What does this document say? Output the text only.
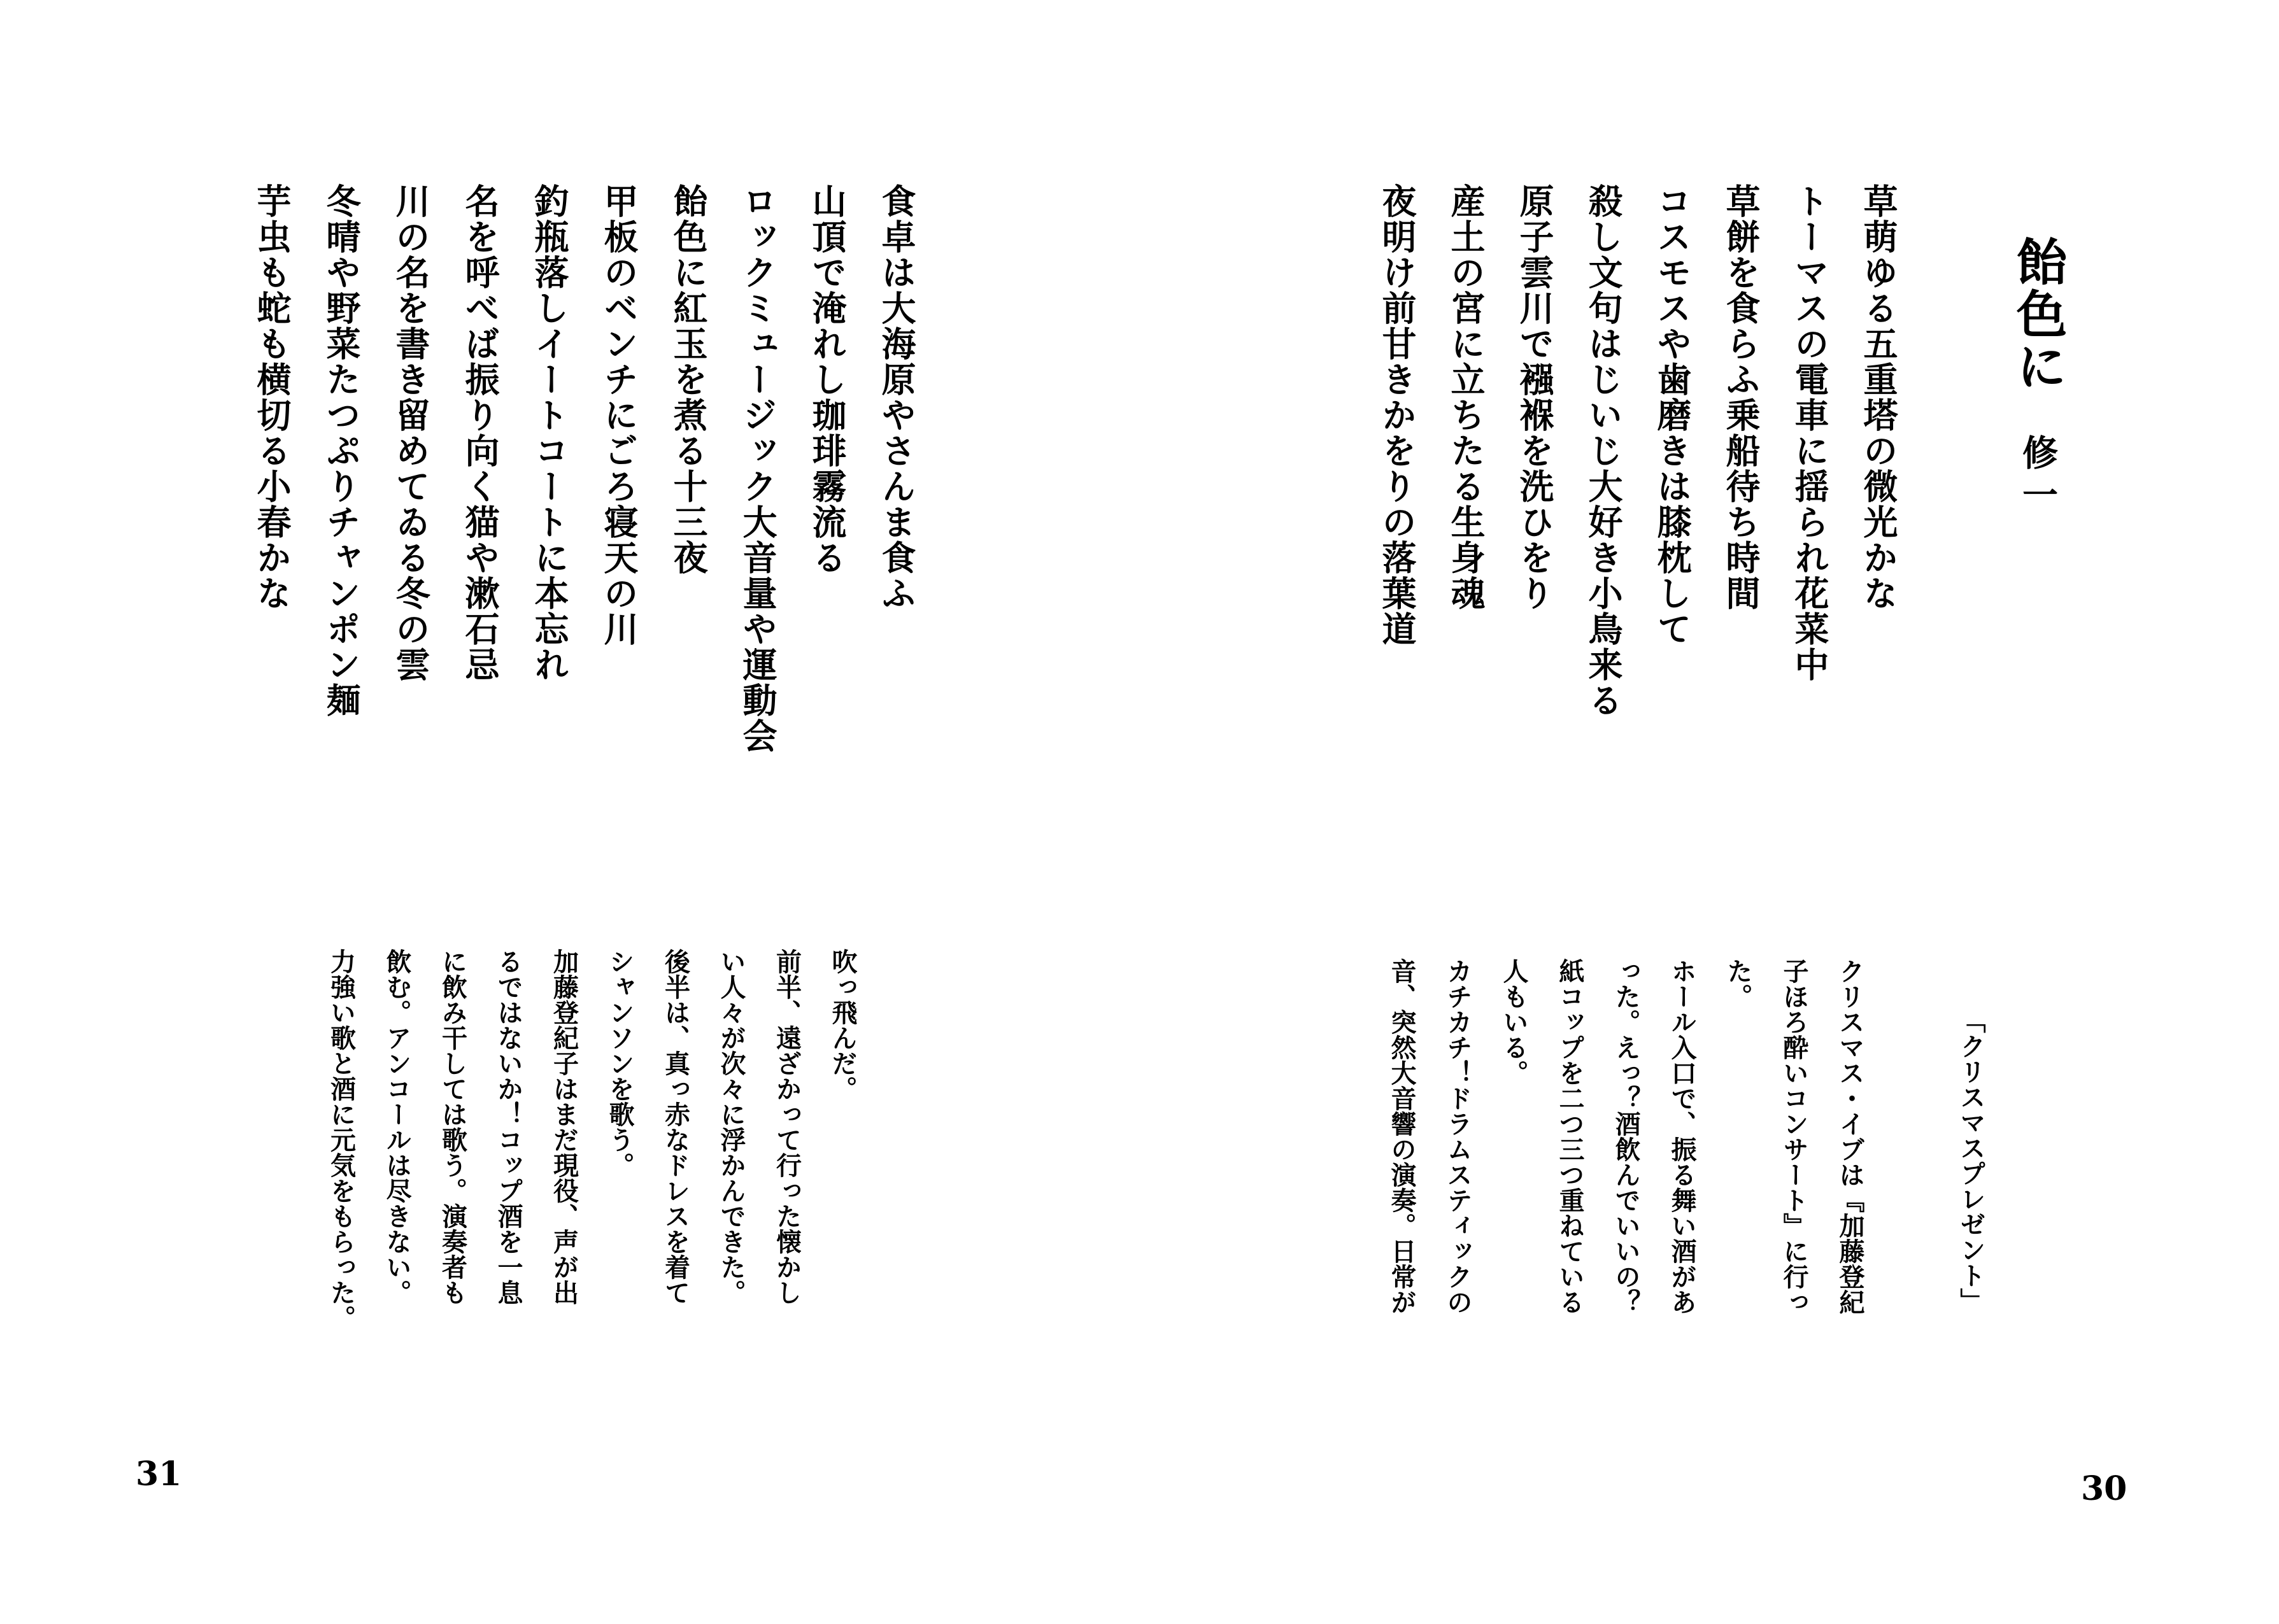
飴色に修一
草萌ゆる五重塔の微光かな
トーマスの電車に揺られ花菜中
草餅を食らふ乗船待ち時間
コスモスや歯磨きは膝枕して
殺し文句はじいじ大好き小鳥来る
原子雲川で襁褓を洗ひをり
産土の宮に立ちたる生身魂
夜明け前甘きかをりの落葉道
「クリスマスプレゼント」
クリスマス・イブは『加藤登紀
子ほろ酔いコンサート』に行っ
た。
ホール入口で、振る舞い酒があ
った。えっ？酒飲んでいいの？
紙コップを二つ三つ重ねている
人もいる。
カチカチ！ドラムスティックの
音、突然大音響の演奏。日常が
30
食卓は大海原やさんま食ふ
山頂で淹れし珈琲霧流る
ロックミュージック大音量や運動会
飴色に紅玉を煮る十三夜
甲板のベンチにごろ寝天の川
釣瓶落しイートコートに本忘れ
名を呼べば振り向く猫や漱石忌
川の名を書き留めてゐる冬の雲
冬晴や野菜たつぷりチャンポン麺
芋虫も蛇も横切る小春かな
吹っ飛んだ。
前半、遠ざかって行った懐かし
い人々が次々に浮かんできた。
後半は、真っ赤なドレスを着て
シャンソンを歌う。
加藤登紀子はまだ現役、声が出
るではないか！コップ酒を一息
に飲み干しては歌う。演奏者も
飲む。アンコールは尽きない。
力強い歌と酒に元気をもらった。
31
